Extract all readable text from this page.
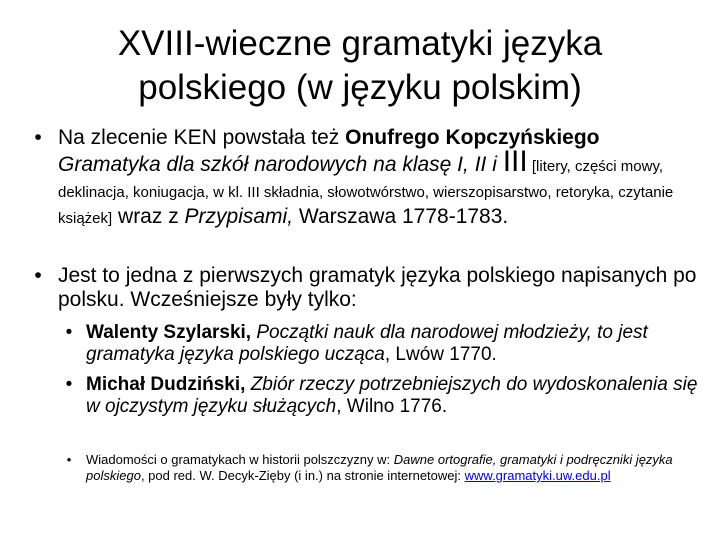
XVIII-wieczne gramatyki języka
polskiego (w języku polskim)
• Na zlecenie KEN powstała też Onufrego Kopczyńskiego Gramatyka dla szkół narodowych na klasę I, II i III [litery, części mowy, deklinacja, koniugacja, w kl. III składnia, słowotwórstwo, wierszopisarstwo, retoryka, czytanie książek] wraz z Przypisami, Warszawa 1778-1783.
• Jest to jedna z pierwszych gramatyk języka polskiego napisanych po polsku. Wcześniejsze były tylko:
• Walenty Szylarski, Początki nauk dla narodowej młodzieży, to jest gramatyka języka polskiego ucząca, Lwów 1770.
• Michał Dudziński, Zbiór rzeczy potrzebniejszych do wydoskonalenia się w ojczystym języku służących, Wilno 1776.
•	Wiadomości o gramatykach w historii polszczyzny w: Dawne ortografie, gramatyki i podręczniki języka polskiego, pod red. W. Decyk-Zięby (i in.) na stronie internetowej: www.gramatyki.uw.edu.pl
